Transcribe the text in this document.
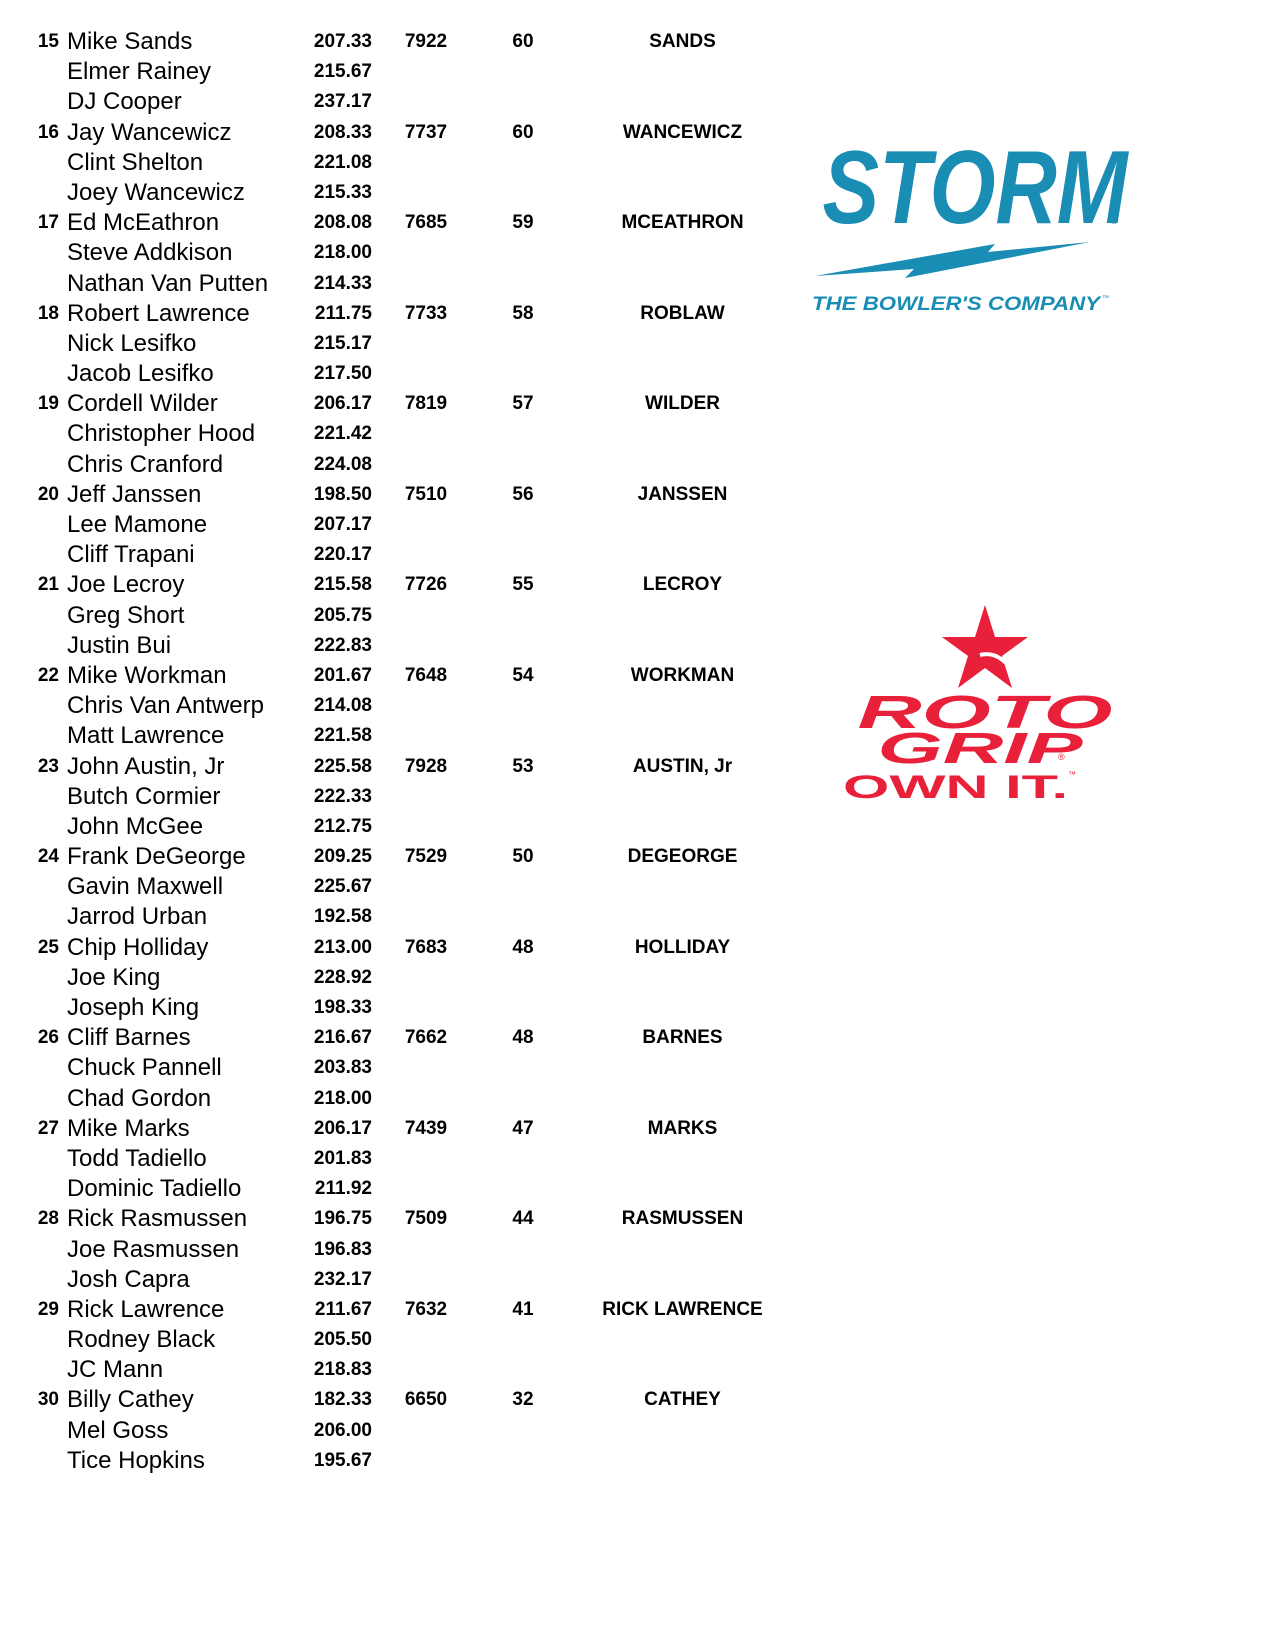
15 Mike Sands	207.33	7922	60	SANDS
Elmer Rainey	215.67
DJ Cooper	237.17
16 Jay Wancewicz	208.33	7737	60	WANCEWICZ
Clint Shelton	221.08
Joey Wancewicz	215.33
17 Ed McEathron	208.08	7685	59	MCEATHRON
Steve Addkison	218.00
Nathan Van Putten	214.33
18 Robert Lawrence	211.75	7733	58	ROBLAW
Nick Lesifko	215.17
Jacob Lesifko	217.50
19 Cordell Wilder	206.17	7819	57	WILDER
Christopher Hood	221.42
Chris Cranford	224.08
20 Jeff Janssen	198.50	7510	56	JANSSEN
Lee Mamone	207.17
Cliff Trapani	220.17
21 Joe Lecroy	215.58	7726	55	LECROY
Greg Short	205.75
Justin Bui	222.83
22 Mike Workman	201.67	7648	54	WORKMAN
Chris Van Antwerp	214.08
Matt Lawrence	221.58
23 John Austin, Jr	225.58	7928	53	AUSTIN, Jr
Butch Cormier	222.33
John McGee	212.75
24 Frank DeGeorge	209.25	7529	50	DEGEORGE
Gavin Maxwell	225.67
Jarrod Urban	192.58
25 Chip Holliday	213.00	7683	48	HOLLIDAY
Joe King	228.92
Joseph King	198.33
26 Cliff Barnes	216.67	7662	48	BARNES
Chuck Pannell	203.83
Chad Gordon	218.00
27 Mike Marks	206.17	7439	47	MARKS
Todd Tadiello	201.83
Dominic Tadiello	211.92
28 Rick Rasmussen	196.75	7509	44	RASMUSSEN
Joe Rasmussen	196.83
Josh Capra	232.17
29 Rick Lawrence	211.67	7632	41	RICK LAWRENCE
Rodney Black	205.50
JC Mann	218.83
30 Billy Cathey	182.33	6650	32	CATHEY
Mel Goss	206.00
Tice Hopkins	195.67
STORM
®
THE BOWLER'S COMPANY ™
ROTO
GRIP
®
OWN IT. ™
